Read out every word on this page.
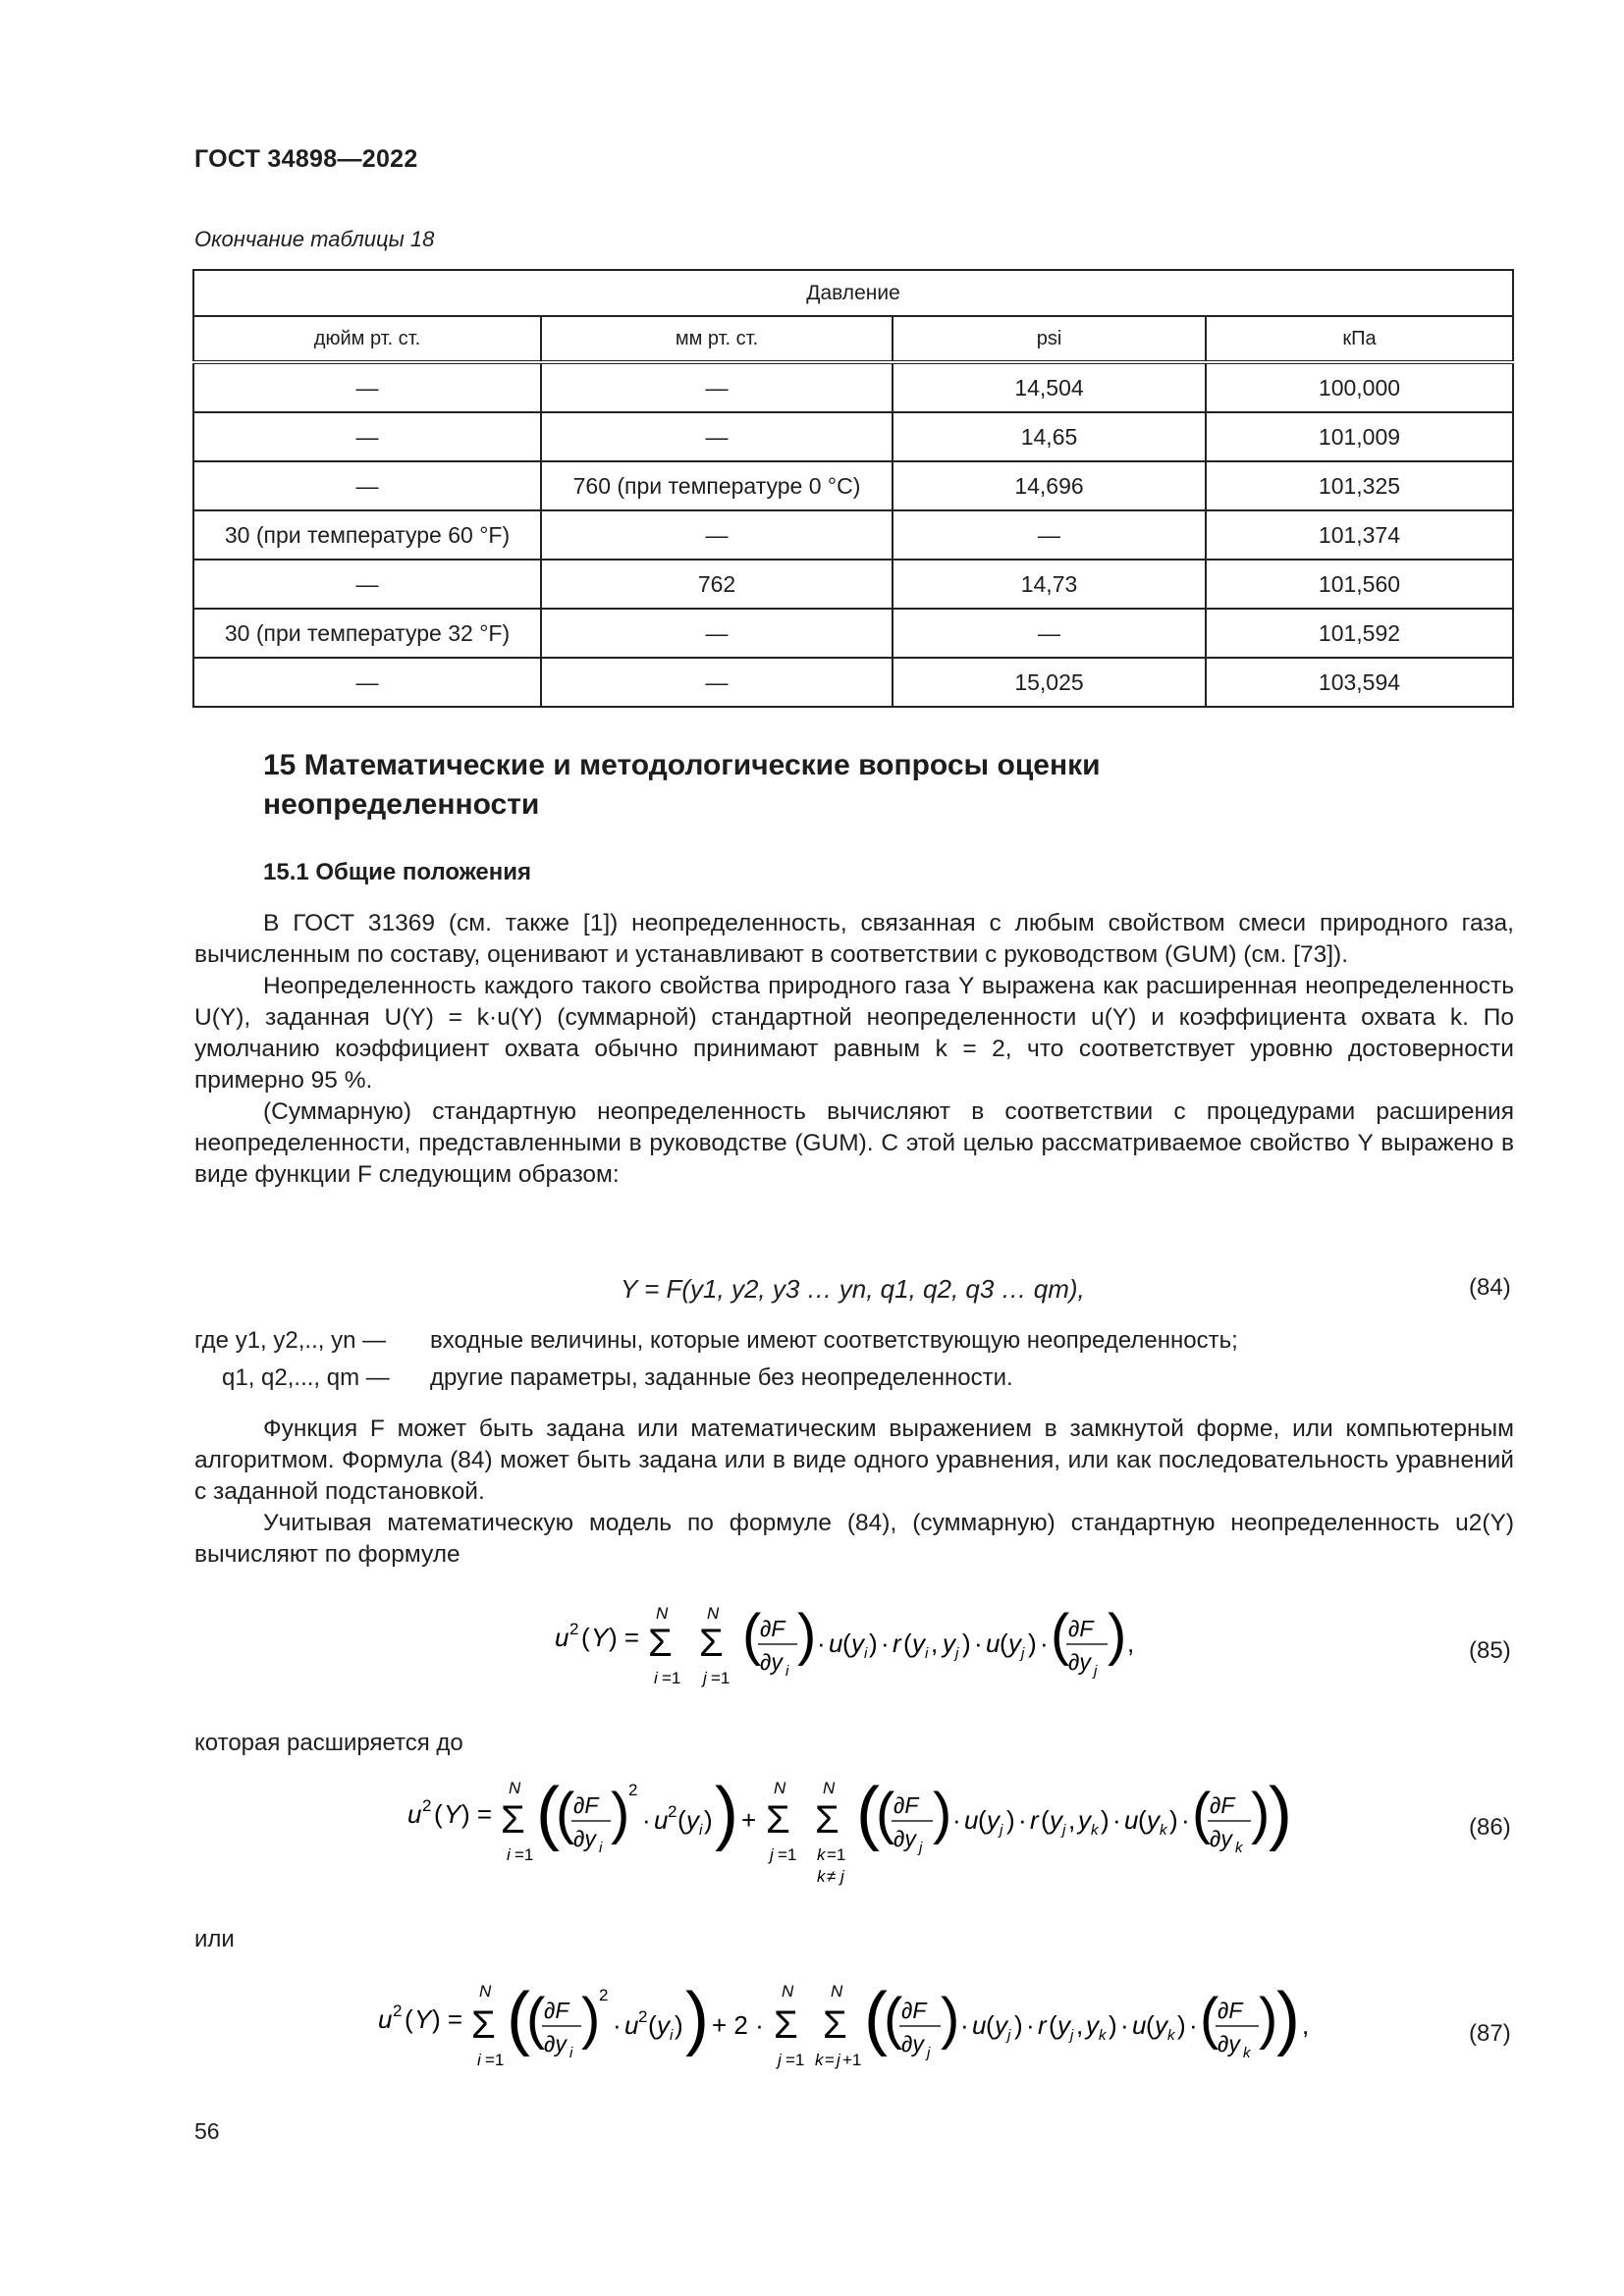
ГОСТ 34898—2022
Окончание таблицы 18
Давление			
дюйм рт. ст.	мм рт. ст.	psi	кПа
—	—	14,504	100,000
—	—	14,65	101,009
—	760 (при температуре 0 °С)	14,696	101,325
30 (при температуре 60 °F)	—	—	101,374
—	762	14,73	101,560
30 (при температуре 32 °F)	—	—	101,592
—	—	15,025	103,594
15 Математические и методологические вопросы оценки
неопределенности
15.1 Общие положения

В ГОСТ 31369 (см. также [1]) неопределенность, связанная с любым свойством смеси природного газа, вычисленным по составу, оценивают и устанавливают в соответствии с руководством (GUM) (см. [73]).

Неопределенность каждого такого свойства природного газа Y выражена как расширенная неопределенность U(Y), заданная U(Y) = k·u(Y) (суммарной) стандартной неопределенности u(Y) и коэффициента охвата k. По умолчанию коэффициент охвата обычно принимают равным k = 2, что соответствует уровню достоверности примерно 95 %.

(Суммарную) стандартную неопределенность вычисляют в соответствии с процедурами расширения неопределенности, представленными в руководстве (GUM). С этой целью рассматриваемое свойство Y выражено в виде функции F следующим образом:

Y = F(y1, y2, y3 … yn, q1, q2, q3 … qm),	(84)
где y1, y2,.., yn —	входные величины, которые имеют соответствующую неопределенность;
q1, q2,..., qm —	другие параметры, заданные без неопределенности.

Функция F может быть задана или математическим выражением в замкнутой форме, или компьютерным алгоритмом. Формула (84) может быть задана или в виде одного уравнения, или как последовательность уравнений с заданной подстановкой.

Учитывая математическую модель по формуле (84), (суммарную) стандартную неопределенность u2(Y) вычисляют по формуле

u 2 ( Y ) =
N
Σ
i =1
N
Σ
j =1
(
∂F
∂y i
) · u ( y i ) · r ( y i , y j ) · u ( y j ) · (
∂F
∂y j
) ,	(85)
которая расширяется до
u 2 ( Y ) =
N
Σ
i =1
(
(
∂F
∂y i
)
2
· u 2 ( y i ) ) +
N
Σ
j =1
N
Σ
k =1
k ≠ j
(
(
∂F
∂y j
) · u ( y j ) · r ( y j , y k ) · u ( y k ) · (
∂F
∂y k
)
)	(86)
или
u 2 ( Y ) =
N
Σ
i =1
(
(
∂F
∂y i
)
2
· u 2 ( y i ) ) + 2 ·
N
Σ
j =1
N
Σ
k = j +1
(
(
∂F
∂y j
) · u ( y j ) · r ( y j , y k ) · u ( y k ) · (
∂F
∂y k
)
) ,	(87)
56
